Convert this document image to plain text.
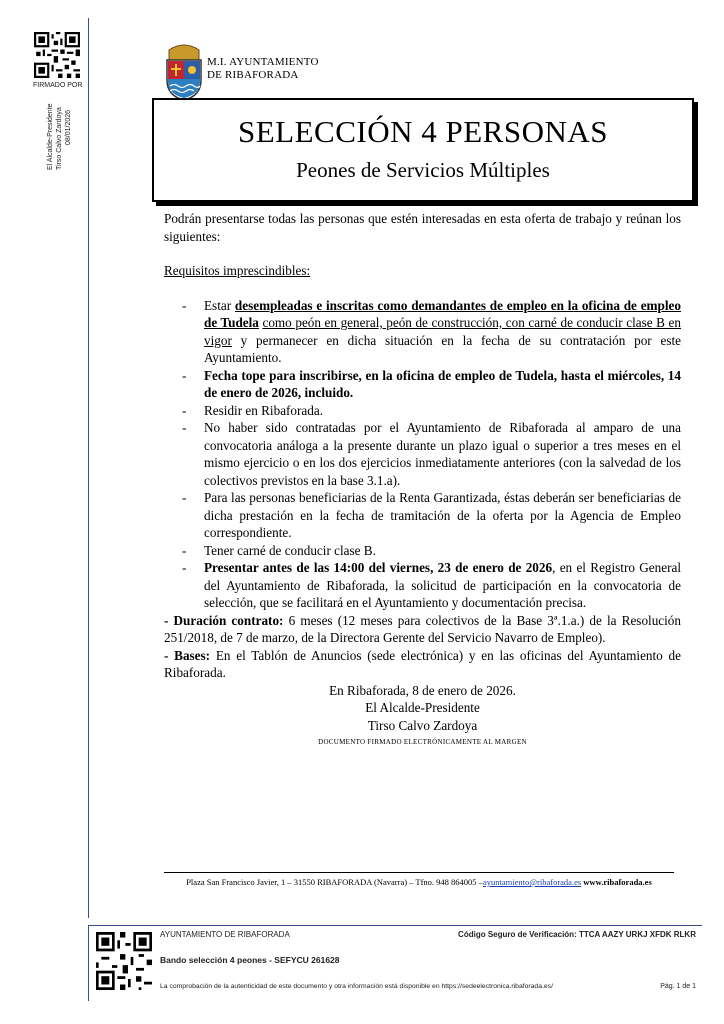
FIRMADO POR
El Alcalde-Presidente Tirso Calvo Zardoya 08/01/2026
M.I. AYUNTAMIENTO
DE RIBAFORADA
SELECCIÓN 4 PERSONAS
Peones de Servicios Múltiples

Podrán presentarse todas las personas que estén interesadas en esta oferta de trabajo y reúnan los siguientes:

Requisitos imprescindibles:

- Estar desempleadas e inscritas como demandantes de empleo en la oficina de empleo de Tudela como peón en general, peón de construcción, con carné de conducir clase B en vigor y permanecer en dicha situación en la fecha de su contratación por este Ayuntamiento.
- Fecha tope para inscribirse, en la oficina de empleo de Tudela, hasta el miércoles, 14 de enero de 2026, incluido.
- Residir en Ribaforada.
- No haber sido contratadas por el Ayuntamiento de Ribaforada al amparo de una convocatoria análoga a la presente durante un plazo igual o superior a tres meses en el mismo ejercicio o en los dos ejercicios inmediatamente anteriores (con la salvedad de los colectivos previstos en la base 3.1.a).
- Para las personas beneficiarias de la Renta Garantizada, éstas deberán ser beneficiarias de dicha prestación en la fecha de tramitación de la oferta por la Agencia de Empleo correspondiente.
- Tener carné de conducir clase B.
- Presentar antes de las 14:00 del viernes, 23 de enero de 2026, en el Registro General del Ayuntamiento de Ribaforada, la solicitud de participación en la convocatoria de selección, que se facilitará en el Ayuntamiento y documentación precisa.

- Duración contrato: 6 meses (12 meses para colectivos de la Base 3ª.1.a.) de la Resolución 251/2018, de 7 de marzo, de la Directora Gerente del Servicio Navarro de Empleo).

- Bases: En el Tablón de Anuncios (sede electrónica) y en las oficinas del Ayuntamiento de Ribaforada.

En Ribaforada, 8 de enero de 2026.

El Alcalde-Presidente

Tirso Calvo Zardoya

DOCUMENTO FIRMADO ELECTRÓNICAMENTE AL MARGEN

Plaza San Francisco Javier, 1 – 31550 RIBAFORADA (Navarra) – Tfno. 948 864005 –ayuntamiento@ribaforada.es www.ribaforada.es
AYUNTAMIENTO DE RIBAFORADA	Código Seguro de Verificación: TTCA AAZY URKJ XFDK RLKR
Bando selección 4 peones - SEFYCU 261628
La comprobación de la autenticidad de este documento y otra información está disponible en https://sedeelectronica.ribaforada.es/	Pág. 1 de 1
